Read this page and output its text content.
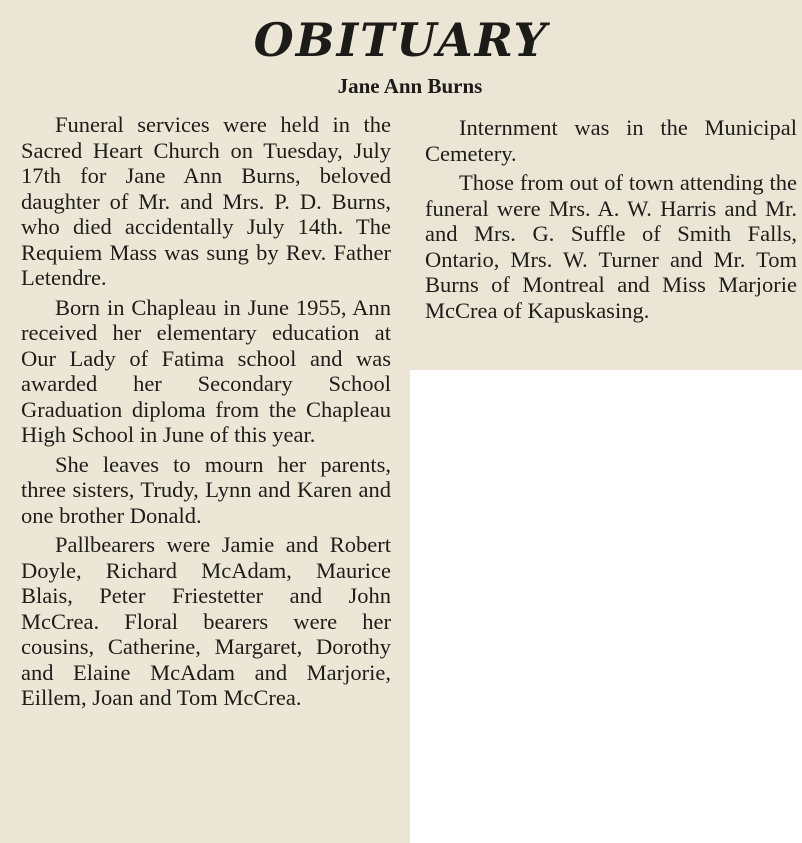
OBITUARY
Jane Ann Burns

Funeral services were held in the Sacred Heart Church on Tuesday, July 17th for Jane Ann Burns, beloved daughter of Mr. and Mrs. P. D. Burns, who died accidentally July 14th. The Requiem Mass was sung by Rev. Father Letendre.

Born in Chapleau in June 1955, Ann received her elementary education at Our Lady of Fatima school and was awarded her Secondary School Graduation diploma from the Chapleau High School in June of this year.

She leaves to mourn her parents, three sisters, Trudy, Lynn and Karen and one brother Donald.

Pallbearers were Jamie and Robert Doyle, Richard McAdam, Maurice Blais, Peter Friestetter and John McCrea. Floral bearers were her cousins, Catherine, Margaret, Dorothy and Elaine McAdam and Marjorie, Eillem, Joan and Tom McCrea.

Internment was in the Municipal Cemetery.

Those from out of town attending the funeral were Mrs. A. W. Harris and Mr. and Mrs. G. Suffle of Smith Falls, Ontario, Mrs. W. Turner and Mr. Tom Burns of Montreal and Miss Marjorie McCrea of Kapuskasing.
